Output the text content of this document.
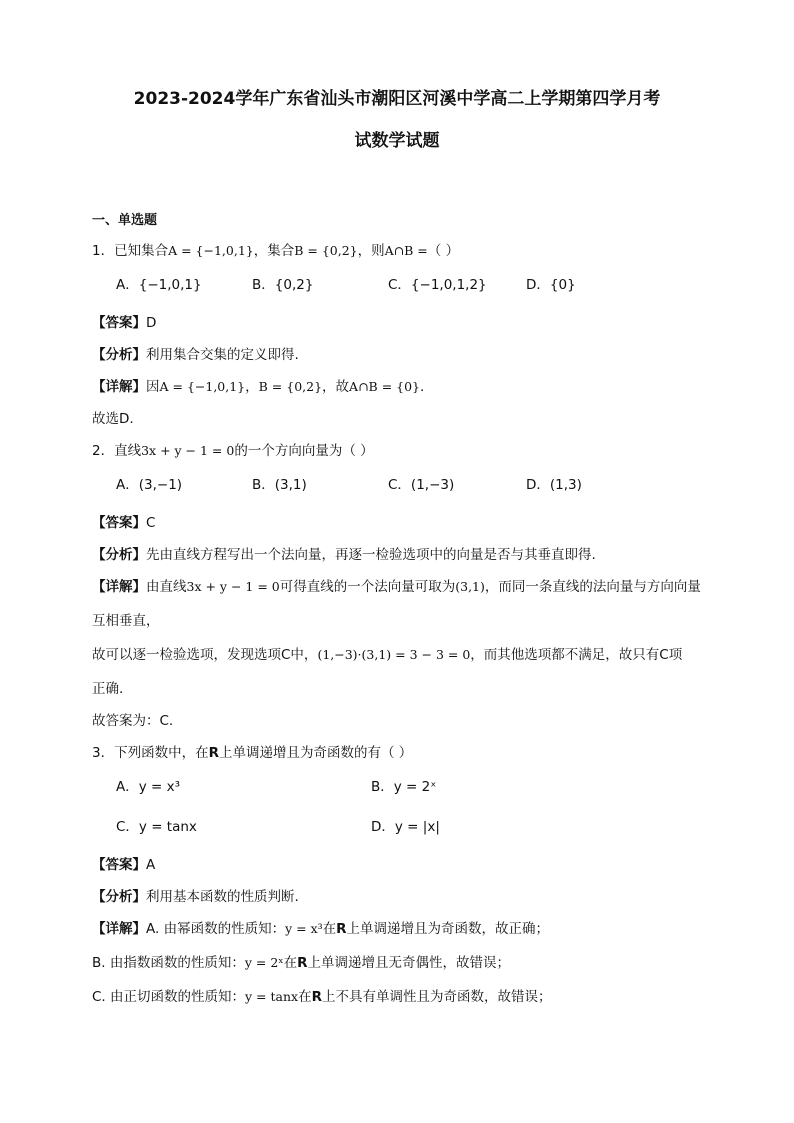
2023-2024学年广东省汕头市潮阳区河溪中学高二上学期第四学月考
试数学试题
一、单选题
1．已知集合A = {−1,0,1}，集合B = {0,2}，则A∩B =（ ）
A．{−1,0,1}	B．{0,2}	C．{−1,0,1,2}	D．{0}
【答案】D
【分析】利用集合交集的定义即得.
【详解】因A = {−1,0,1}，B = {0,2}，故A∩B = {0}.
故选D.
2．直线3x + y − 1 = 0的一个方向向量为（ ）
A．(3,−1)	B．(3,1)	C．(1,−3)	D．(1,3)
【答案】C
【分析】先由直线方程写出一个法向量，再逐一检验选项中的向量是否与其垂直即得.
【详解】由直线3x + y − 1 = 0可得直线的一个法向量可取为(3,1)，而同一条直线的法向量与方向向量
互相垂直，
故可以逐一检验选项，发现选项C中，(1,−3)·(3,1) = 3 − 3 = 0，而其他选项都不满足，故只有C项
正确.
故答案为：C.
3．下列函数中，在R上单调递增且为奇函数的有（ ）
A．y = x³	B．y = 2ˣ
C．y = tanx	D．y = |x|
【答案】A
【分析】利用基本函数的性质判断.
【详解】A. 由幂函数的性质知：y = x³在R上单调递增且为奇函数，故正确；
B. 由指数函数的性质知：y = 2ˣ在R上单调递增且无奇偶性，故错误；
C. 由正切函数的性质知：y = tanx在R上不具有单调性且为奇函数，故错误；
